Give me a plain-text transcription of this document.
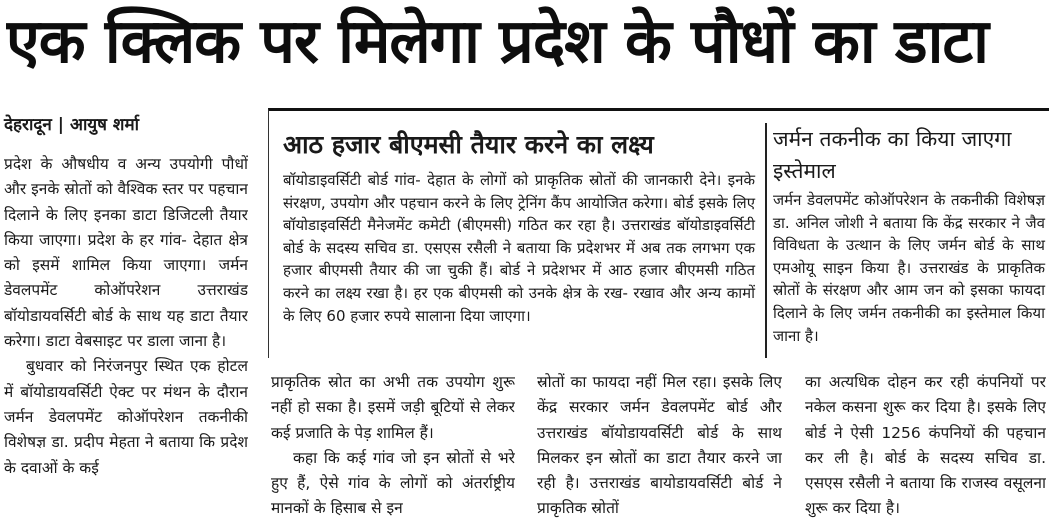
एक क्लिक पर मिलेगा प्रदेश के पौधों का डाटा
देहरादून | आयुष शर्मा

प्रदेश के औषधीय व अन्य उपयोगी पौधों और इनके स्रोतों को वैश्विक स्तर पर पहचान दिलाने के लिए इनका डाटा डिजिटली तैयार किया जाएगा। प्रदेश के हर गांव- देहात क्षेत्र को इसमें शामिल किया जाएगा। जर्मन डेवलपमेंट कोऑपरेशन उत्तराखंड बॉयोडायवर्सिटी बोर्ड के साथ यह डाटा तैयार करेगा। डाटा वेबसाइट पर डाला जाना है।

बुधवार को निरंजनपुर स्थित एक होटल में बॉयोडायवर्सिटी ऐक्ट पर मंथन के दौरान जर्मन डेवलपमेंट कोऑपरेशन तकनीकी विशेषज्ञ डा. प्रदीप मेहता ने बताया कि प्रदेश के दवाओं के कई

आठ हजार बीएमसी तैयार करने का लक्ष्य
बॉयोडाइवर्सिटी बोर्ड गांव- देहात के लोगों को प्राकृतिक स्रोतों की जानकारी देने। इनके संरक्षण, उपयोग और पहचान करने के लिए ट्रेनिंग कैंप आयोजित करेगा। बोर्ड इसके लिए बॉयोडाइवर्सिटी मैनेजमेंट कमेटी (बीएमसी) गठित कर रहा है। उत्तराखंड बॉयोडाइवर्सिटी बोर्ड के सदस्य सचिव डा. एसएस रसैली ने बताया कि प्रदेशभर में अब तक लगभग एक हजार बीएमसी तैयार की जा चुकी हैं। बोर्ड ने प्रदेशभर में आठ हजार बीएमसी गठित करने का लक्ष्य रखा है। हर एक बीएमसी को उनके क्षेत्र के रख- रखाव और अन्य कामों के लिए 60 हजार रुपये सालाना दिया जाएगा।
जर्मन तकनीक का किया जाएगा इस्तेमाल
जर्मन डेवलपमेंट कोऑपरेशन के तकनीकी विशेषज्ञ डा. अनिल जोशी ने बताया कि केंद्र सरकार ने जैव विविधता के उत्थान के लिए जर्मन बोर्ड के साथ एमओयू साइन किया है। उत्तराखंड के प्राकृतिक स्रोतों के संरक्षण और आम जन को इसका फायदा दिलाने के लिए जर्मन तकनीकी का इस्तेमाल किया जाना है।

प्राकृतिक स्रोत का अभी तक उपयोग शुरू नहीं हो सका है। इसमें जड़ी बूटियों से लेकर कई प्रजाति के पेड़ शामिल हैं।

कहा कि कई गांव जो इन स्रोतों से भरे हुए हैं, ऐसे गांव के लोगों को अंतर्राष्ट्रीय मानकों के हिसाब से इन

स्रोतों का फायदा नहीं मिल रहा। इसके लिए केंद्र सरकार जर्मन डेवलपमेंट बोर्ड और उत्तराखंड बॉयोडायवर्सिटी बोर्ड के साथ मिलकर इन स्रोतों का डाटा तैयार करने जा रही है। उत्तराखंड बायोडायवर्सिटी बोर्ड ने प्राकृतिक स्रोतों

का अत्यधिक दोहन कर रही कंपनियों पर नकेल कसना शुरू कर दिया है। इसके लिए बोर्ड ने ऐसी 1256 कंपनियों की पहचान कर ली है। बोर्ड के सदस्य सचिव डा. एसएस रसैली ने बताया कि राजस्व वसूलना शुरू कर दिया है।
